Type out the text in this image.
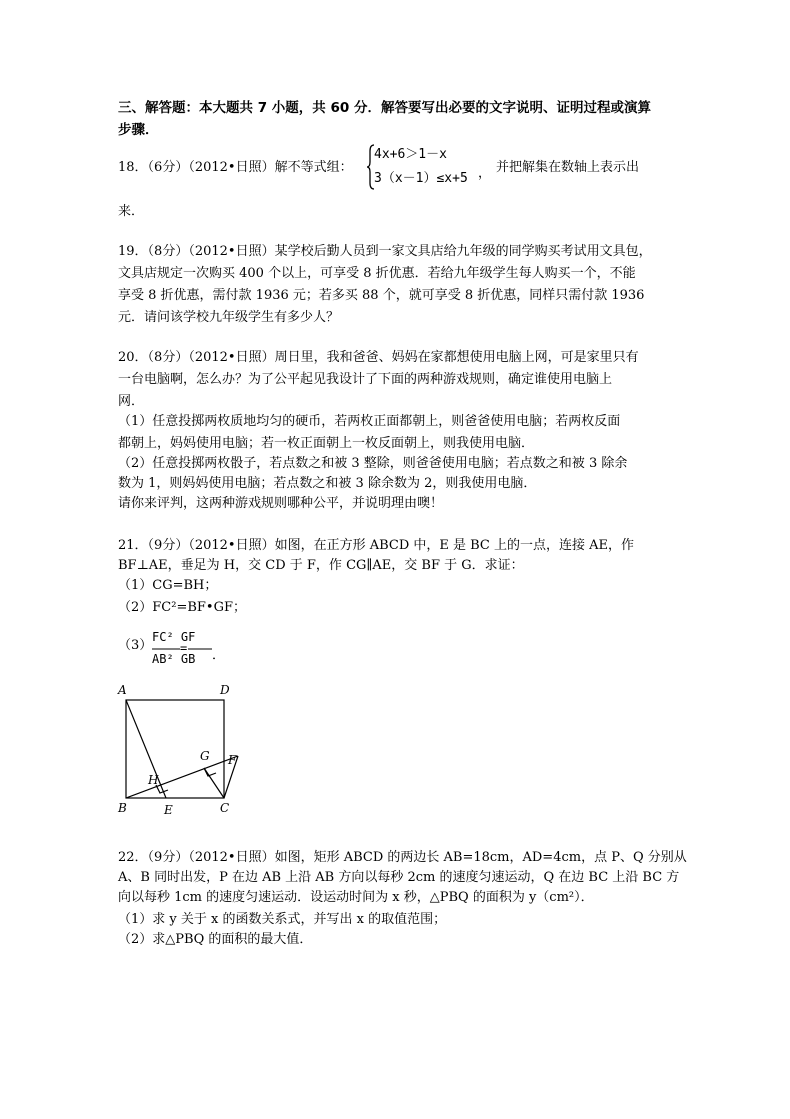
三、解答题：本大题共 7 小题，共 60 分．解答要写出必要的文字说明、证明过程或演算
步骤．
18．（6分）（2012•日照）解不等式组：
4x+6＞1－x
3（x－1）≤x+5 ， 并把解集在数轴上表示出
来．
19．（8分）（2012•日照）某学校后勤人员到一家文具店给九年级的同学购买考试用文具包，
文具店规定一次购买 400 个以上，可享受 8 折优惠．若给九年级学生每人购买一个，不能
享受 8 折优惠，需付款 1936 元；若多买 88 个，就可享受 8 折优惠，同样只需付款 1936
元．请问该学校九年级学生有多少人？
20．（8分）（2012•日照）周日里，我和爸爸、妈妈在家都想使用电脑上网，可是家里只有
一台电脑啊，怎么办？为了公平起见我设计了下面的两种游戏规则，确定谁使用电脑上
网．
（1）任意投掷两枚质地均匀的硬币，若两枚正面都朝上，则爸爸使用电脑；若两枚反面
都朝上，妈妈使用电脑；若一枚正面朝上一枚反面朝上，则我使用电脑．
（2）任意投掷两枚骰子，若点数之和被 3 整除，则爸爸使用电脑；若点数之和被 3 除余
数为 1，则妈妈使用电脑；若点数之和被 3 除余数为 2，则我使用电脑．
请你来评判，这两种游戏规则哪种公平，并说明理由噢！
21．（9分）（2012•日照）如图，在正方形 ABCD 中，E 是 BC 上的一点，连接 AE，作
BF⊥AE，垂足为 H，交 CD 于 F，作 CG∥AE，交 BF 于 G．求证：
（1）CG=BH；
（2）FC²=BF•GF；
（3）
FC² GF
=
AB² GB ．
A	D
B	C
E
F
G
H
22．（9分）（2012•日照）如图，矩形 ABCD 的两边长 AB=18cm，AD=4cm，点 P、Q 分别从
A、B 同时出发，P 在边 AB 上沿 AB 方向以每秒 2cm 的速度匀速运动，Q 在边 BC 上沿 BC 方
向以每秒 1cm 的速度匀速运动．设运动时间为 x 秒，△PBQ 的面积为 y（cm²）．
（1）求 y 关于 x 的函数关系式，并写出 x 的取值范围；
（2）求△PBQ 的面积的最大值．
